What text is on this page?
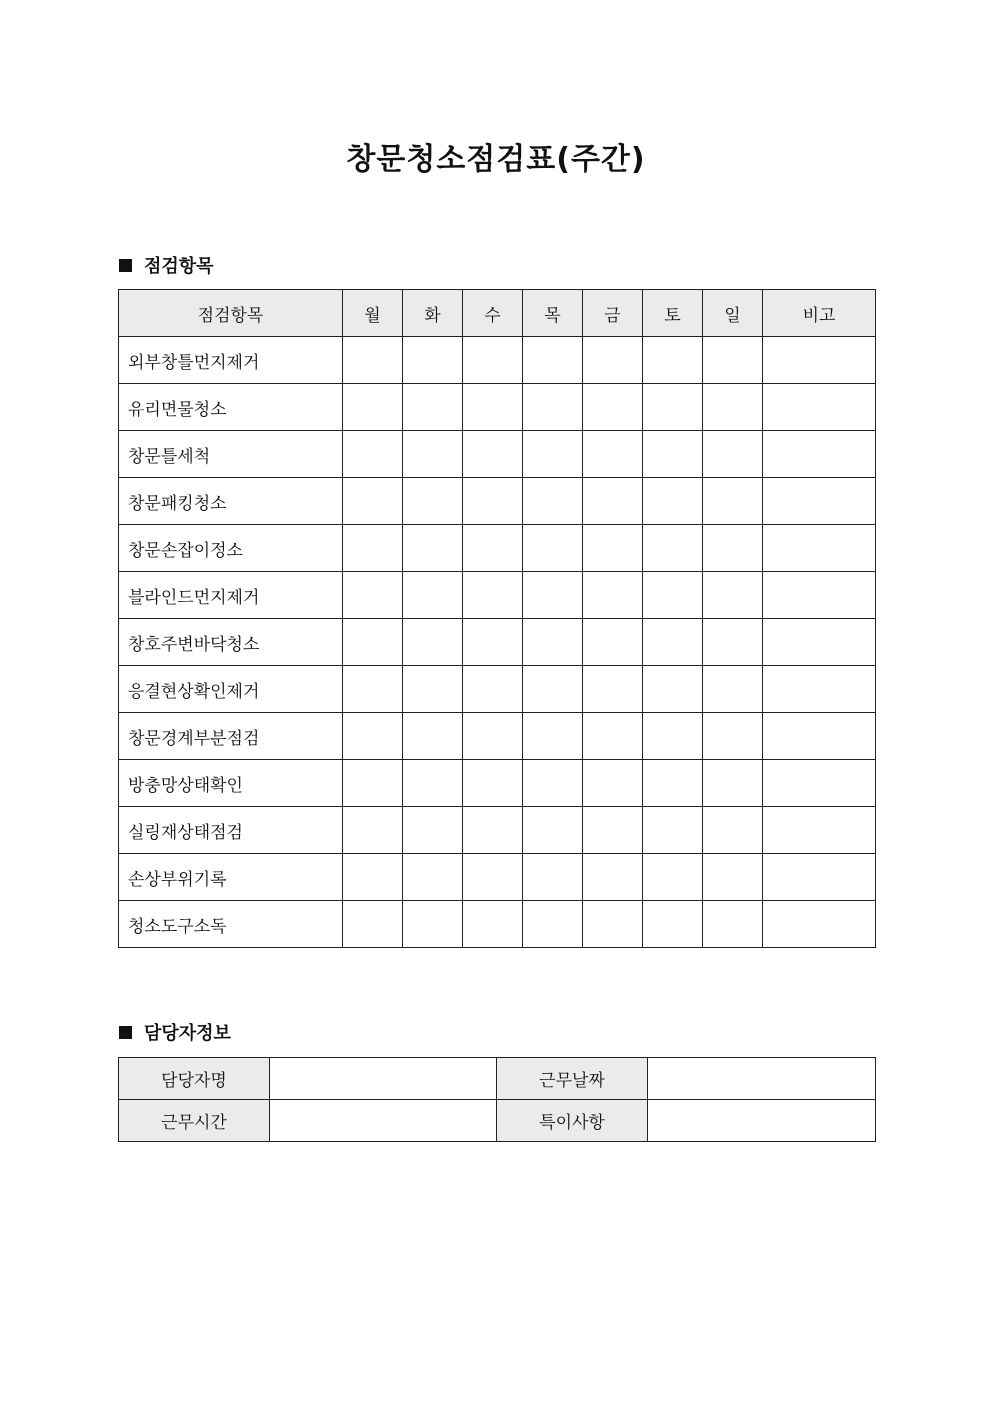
창문청소점검표(주간)
점검항목
점검항목	월	화	수	목	금	토	일	비고
외부창틀먼지제거								
유리면물청소								
창문틀세척								
창문패킹청소								
창문손잡이정소								
블라인드먼지제거								
창호주변바닥청소								
응결현상확인제거								
창문경계부분점검								
방충망상태확인								
실링재상태점검								
손상부위기록								
청소도구소독								
담당자정보
담당자명		근무날짜	
근무시간		특이사항	
